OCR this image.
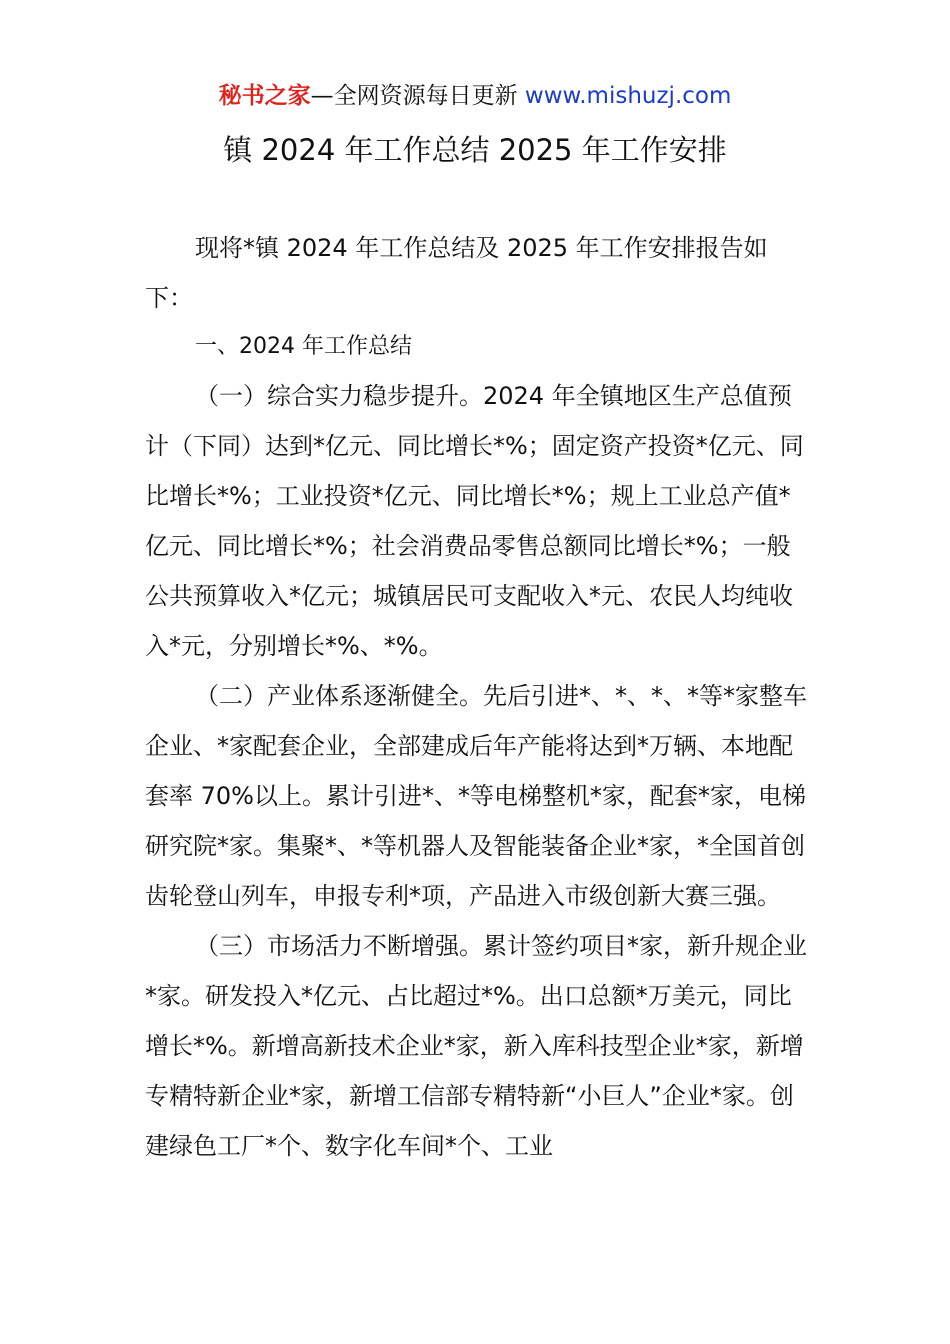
秘书之家—全网资源每日更新 www.mishuzj.com
镇 2024 年工作总结 2025 年工作安排

现将*镇 2024 年工作总结及 2025 年工作安排报告如下：

一、2024 年工作总结

（一）综合实力稳步提升。2024 年全镇地区生产总值预计（下同）达到*亿元、同比增长*%；固定资产投资*亿元、同比增长*%；工业投资*亿元、同比增长*%；规上工业总产值*亿元、同比增长*%；社会消费品零售总额同比增长*%；一般公共预算收入*亿元；城镇居民可支配收入*元、农民人均纯收入*元，分别增长*%、*%。

（二）产业体系逐渐健全。先后引进*、*、*、*等*家整车企业、*家配套企业，全部建成后年产能将达到*万辆、本地配套率 70%以上。累计引进*、*等电梯整机*家，配套*家，电梯研究院*家。集聚*、*等机器人及智能装备企业*家，*全国首创齿轮登山列车，申报专利*项，产品进入市级创新大赛三强。

（三）市场活力不断增强。累计签约项目*家，新升规企业*家。研发投入*亿元、占比超过*%。出口总额*万美元，同比增长*%。新增高新技术企业*家，新入库科技型企业*家，新增专精特新企业*家，新增工信部专精特新“小巨人”企业*家。创建绿色工厂*个、数字化车间*个、工业
